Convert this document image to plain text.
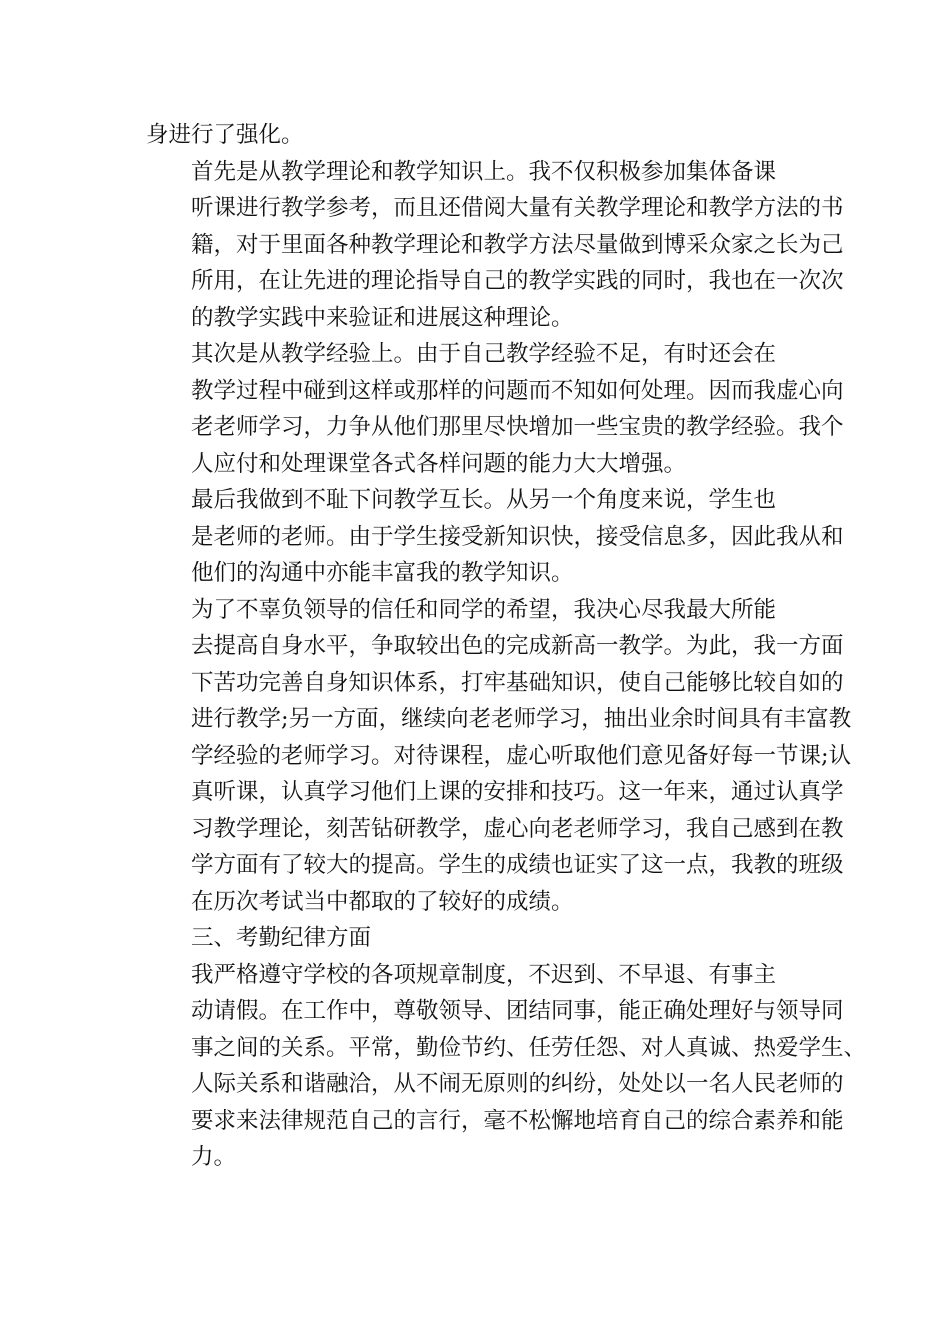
身进行了强化。
首先是从教学理论和教学知识上。我不仅积极参加集体备课
听课进行教学参考，而且还借阅大量有关教学理论和教学方法的书
籍，对于里面各种教学理论和教学方法尽量做到博采众家之长为己
所用，在让先进的理论指导自己的教学实践的同时，我也在一次次
的教学实践中来验证和进展这种理论。
其次是从教学经验上。由于自己教学经验不足，有时还会在
教学过程中碰到这样或那样的问题而不知如何处理。因而我虚心向
老老师学习，力争从他们那里尽快增加一些宝贵的教学经验。我个
人应付和处理课堂各式各样问题的能力大大增强。
最后我做到不耻下问教学互长。从另一个角度来说，学生也
是老师的老师。由于学生接受新知识快，接受信息多，因此我从和
他们的沟通中亦能丰富我的教学知识。
为了不辜负领导的信任和同学的希望，我决心尽我最大所能
去提高自身水平，争取较出色的完成新高一教学。为此，我一方面
下苦功完善自身知识体系，打牢基础知识，使自己能够比较自如的
进行教学;另一方面，继续向老老师学习，抽出业余时间具有丰富教
学经验的老师学习。对待课程，虚心听取他们意见备好每一节课;认
真听课，认真学习他们上课的安排和技巧。这一年来，通过认真学
习教学理论，刻苦钻研教学，虚心向老老师学习，我自己感到在教
学方面有了较大的提高。学生的成绩也证实了这一点，我教的班级
在历次考试当中都取的了较好的成绩。
三、考勤纪律方面
我严格遵守学校的各项规章制度，不迟到、不早退、有事主
动请假。在工作中，尊敬领导、团结同事，能正确处理好与领导同
事之间的关系。平常，勤俭节约、任劳任怨、对人真诚、热爱学生、
人际关系和谐融洽，从不闹无原则的纠纷，处处以一名人民老师的
要求来法律规范自己的言行，毫不松懈地培育自己的综合素养和能
力。
